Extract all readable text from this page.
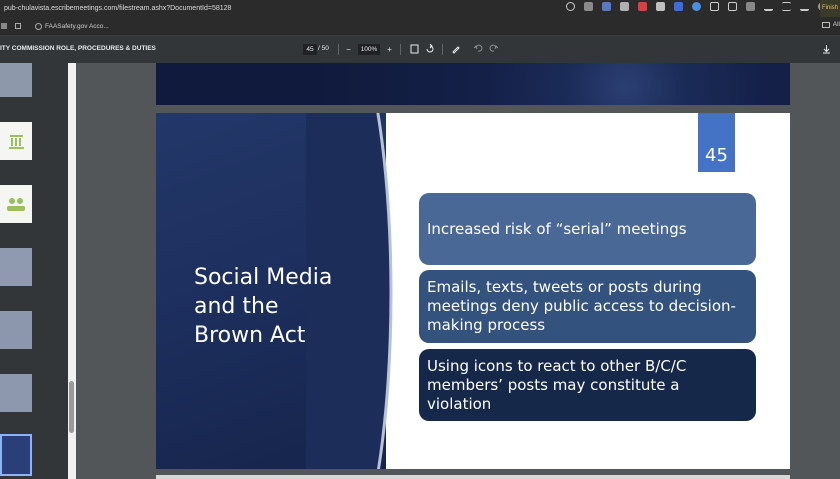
pub-chulavista.escribemeetings.com/filestream.ashx?DocumentId=58128	Finish
FAASafety.gov Acco...	All
ITY COMMISSION ROLE, PROCEDURES & DUTIES	45 / 50	−	100%	+
Social Media
and the
Brown Act
45
Increased risk of “serial” meetings
Emails, texts, tweets or posts during meetings deny public access to decision-making process
Using icons to react to other B/C/C members’ posts may constitute a violation
